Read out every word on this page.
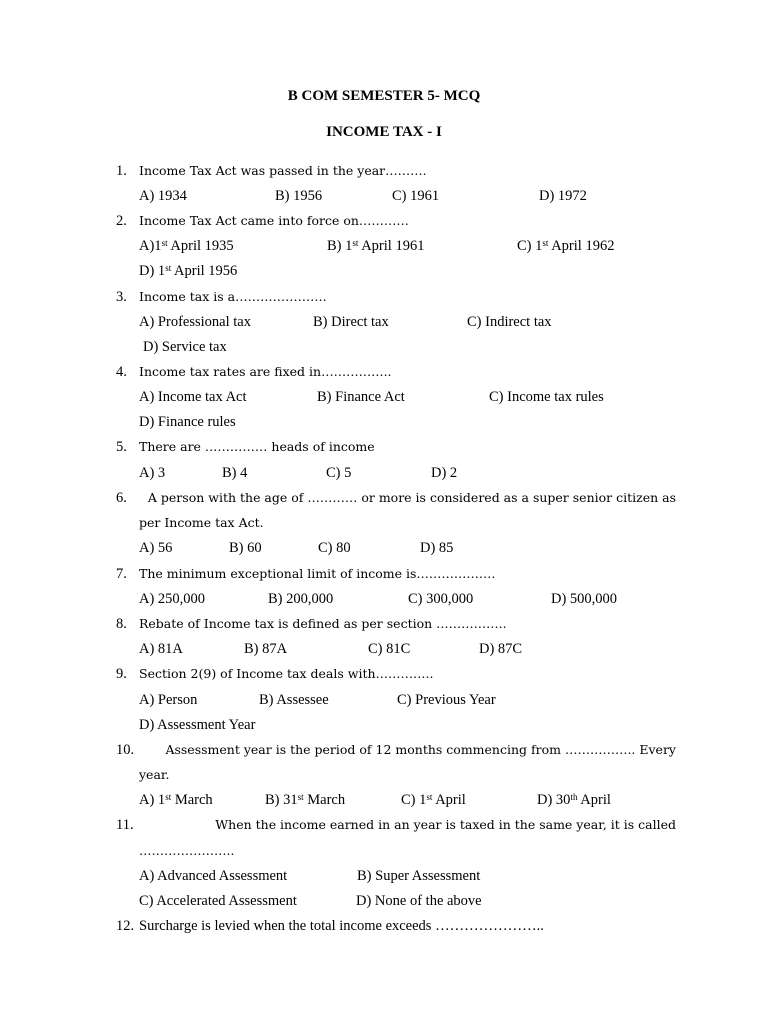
B COM SEMESTER 5- MCQ
INCOME TAX - I
1. Income Tax Act was passed in the year……….
A) 1934	B) 1956	C) 1961	D) 1972
2. Income Tax Act came into force on…………
A)1st April 1935	B) 1st April 1961	C) 1st April 1962
D) 1st April 1956
3. Income tax is a………………….
A) Professional tax	B) Direct tax	C) Indirect tax
D) Service tax
4. Income tax rates are fixed in……………..
A) Income tax Act	B) Finance Act	C) Income tax rules
D) Finance rules
5. There are …………… heads of income
A) 3	B) 4	C) 5	D) 2
6.	A person with the age of ………… or more is considered as a super senior citizen as
per Income tax Act.
A) 56	B) 60	C) 80	D) 85
7. The minimum exceptional limit of income is……………….
A) 250,000	B) 200,000	C) 300,000	D) 500,000
8. Rebate of Income tax is defined as per section ……………..
A) 81A	B) 87A	C) 81C	D) 87C
9. Section 2(9) of Income tax deals with…………..
A) Person	B) Assessee	C) Previous Year
D) Assessment Year
10.	Assessment year is the period of 12 months commencing from …………….. Every
year.
A) 1st March	B) 31st March	C) 1st April	D) 30th April
11.	When the income earned in an year is taxed in the same year, it is called
…………………..
A) Advanced Assessment	B) Super Assessment
C) Accelerated Assessment	D) None of the above
12. Surcharge is levied when the total income exceeds …………………..
